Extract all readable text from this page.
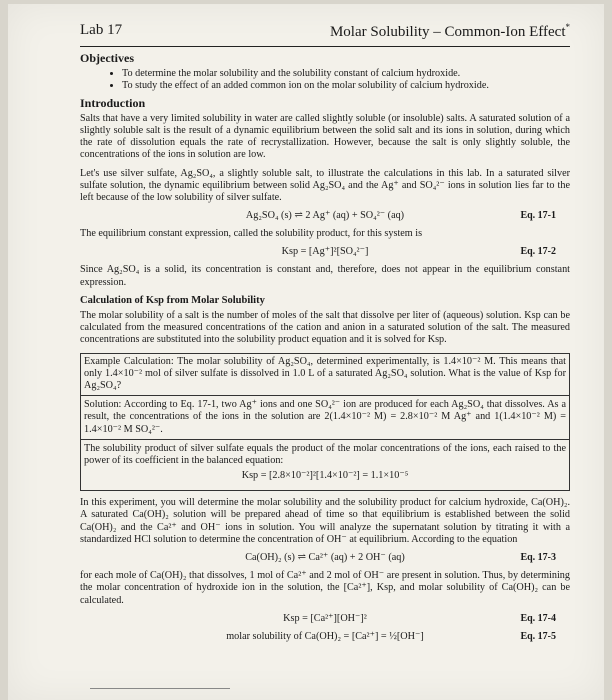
Lab 17	Molar Solubility – Common-Ion Effect*
Objectives
• To determine the molar solubility and the solubility constant of calcium hydroxide.
• To study the effect of an added common ion on the molar solubility of calcium hydroxide.
Introduction

Salts that have a very limited solubility in water are called slightly soluble (or insoluble) salts. A saturated solution of a slightly soluble salt is the result of a dynamic equilibrium between the solid salt and its ions in solution, during which the rate of dissolution equals the rate of recrystallization. However, because the salt is only slightly soluble, the concentrations of the ions in solution are low.

Let's use silver sulfate, Ag₂SO₄, a slightly soluble salt, to illustrate the calculations in this lab. In a saturated silver sulfate solution, the dynamic equilibrium between solid Ag₂SO₄ and the Ag⁺ and SO₄²⁻ ions in solution lies far to the left because of the low solubility of silver sulfate.

Ag₂SO₄ (s) ⇌ 2 Ag⁺ (aq) + SO₄²⁻ (aq)	Eq. 17-1

The equilibrium constant expression, called the solubility product, for this system is

Ksp = [Ag⁺]²[SO₄²⁻]	Eq. 17-2

Since Ag₂SO₄ is a solid, its concentration is constant and, therefore, does not appear in the equilibrium constant expression.

Calculation of Ksp from Molar Solubility

The molar solubility of a salt is the number of moles of the salt that dissolve per liter of (aqueous) solution. Ksp can be calculated from the measured concentrations of the cation and anion in a saturated solution of the salt. The measured concentrations are substituted into the solubility product equation and it is solved for Ksp.

Example Calculation: The molar solubility of Ag₂SO₄, determined experimentally, is 1.4×10⁻² M. This means that only 1.4×10⁻² mol of silver sulfate is dissolved in 1.0 L of a saturated Ag₂SO₄ solution. What is the value of Ksp for Ag₂SO₄?

Solution: According to Eq. 17-1, two Ag⁺ ions and one SO₄²⁻ ion are produced for each Ag₂SO₄ that dissolves. As a result, the concentrations of the ions in the solution are 2(1.4×10⁻² M) = 2.8×10⁻² M Ag⁺ and 1(1.4×10⁻² M) = 1.4×10⁻² M SO₄²⁻.

The solubility product of silver sulfate equals the product of the molar concentrations of the ions, each raised to the power of its coefficient in the balanced equation:

Ksp = [2.8×10⁻²]²[1.4×10⁻²] = 1.1×10⁻⁵

In this experiment, you will determine the molar solubility and the solubility product for calcium hydroxide, Ca(OH)₂. A saturated Ca(OH)₂ solution will be prepared ahead of time so that equilibrium is established between the solid Ca(OH)₂ and the Ca²⁺ and OH⁻ ions in solution. You will analyze the supernatant solution by titrating it with a standardized HCl solution to determine the concentration of OH⁻ at equilibrium. According to the equation

Ca(OH)₂ (s) ⇌ Ca²⁺ (aq) + 2 OH⁻ (aq)	Eq. 17-3

for each mole of Ca(OH)₂ that dissolves, 1 mol of Ca²⁺ and 2 mol of OH⁻ are present in solution. Thus, by determining the molar concentration of hydroxide ion in the solution, the [Ca²⁺], Ksp, and molar solubility of Ca(OH)₂ can be calculated.

Ksp = [Ca²⁺][OH⁻]²	Eq. 17-4
molar solubility of Ca(OH)₂ = [Ca²⁺] = ½[OH⁻]	Eq. 17-5
